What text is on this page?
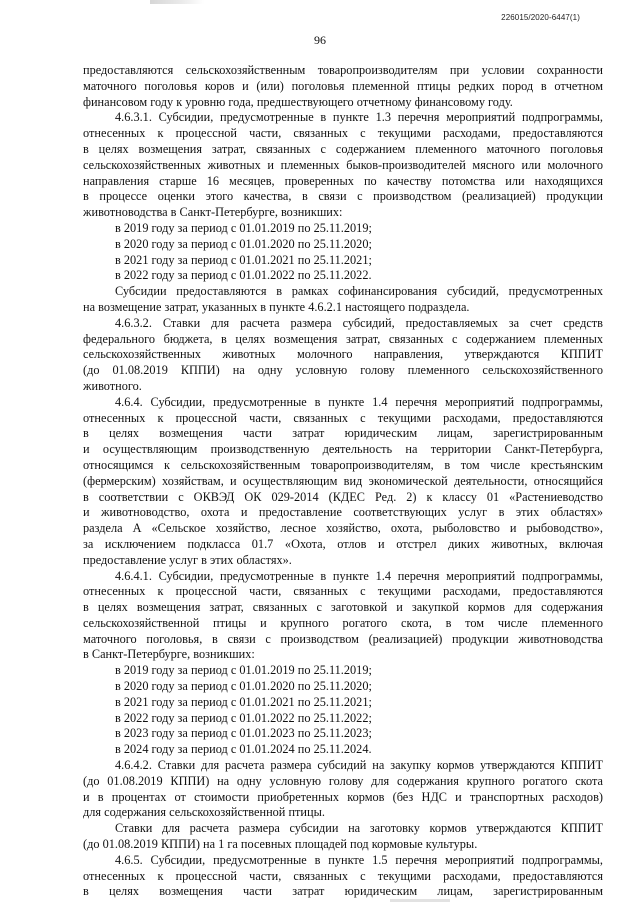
226015/2020-6447(1)
96
предоставляются сельскохозяйственным товаропроизводителям при условии сохранности
маточного поголовья коров и (или) поголовья племенной птицы редких пород в отчетном
финансовом году к уровню года, предшествующего отчетному финансовому году.
4.6.3.1. Субсидии, предусмотренные в пункте 1.3 перечня мероприятий подпрограммы,
отнесенных к процессной части, связанных с текущими расходами, предоставляются
в целях возмещения затрат, связанных с содержанием племенного маточного поголовья
сельскохозяйственных животных и племенных быков-производителей мясного или молочного
направления старше 16 месяцев, проверенных по качеству потомства или находящихся
в процессе оценки этого качества, в связи с производством (реализацией) продукции
животноводства в Санкт-Петербурге, возникших:
в 2019 году за период с 01.01.2019 по 25.11.2019;
в 2020 году за период с 01.01.2020 по 25.11.2020;
в 2021 году за период с 01.01.2021 по 25.11.2021;
в 2022 году за период с 01.01.2022 по 25.11.2022.
Субсидии предоставляются в рамках софинансирования субсидий, предусмотренных
на возмещение затрат, указанных в пункте 4.6.2.1 настоящего подраздела.
4.6.3.2. Ставки для расчета размера субсидий, предоставляемых за счет средств
федерального бюджета, в целях возмещения затрат, связанных с содержанием племенных
сельскохозяйственных животных молочного направления, утверждаются КППИТ
(до 01.08.2019 КППИ) на одну условную голову племенного сельскохозяйственного
животного.
4.6.4. Субсидии, предусмотренные в пункте 1.4 перечня мероприятий подпрограммы,
отнесенных к процессной части, связанных с текущими расходами, предоставляются
в целях возмещения части затрат юридическим лицам, зарегистрированным
и осуществляющим производственную деятельность на территории Санкт-Петербурга,
относящимся к сельскохозяйственным товаропроизводителям, в том числе крестьянским
(фермерским) хозяйствам, и осуществляющим вид экономической деятельности, относящийся
в соответствии с ОКВЭД ОК 029-2014 (КДЕС Ред. 2) к классу 01 «Растениеводство
и животноводство, охота и предоставление соответствующих услуг в этих областях»
раздела А «Сельское хозяйство, лесное хозяйство, охота, рыболовство и рыбоводство»,
за исключением подкласса 01.7 «Охота, отлов и отстрел диких животных, включая
предоставление услуг в этих областях».
4.6.4.1. Субсидии, предусмотренные в пункте 1.4 перечня мероприятий подпрограммы,
отнесенных к процессной части, связанных с текущими расходами, предоставляются
в целях возмещения затрат, связанных с заготовкой и закупкой кормов для содержания
сельскохозяйственной птицы и крупного рогатого скота, в том числе племенного
маточного поголовья, в связи с производством (реализацией) продукции животноводства
в Санкт-Петербурге, возникших:
в 2019 году за период с 01.01.2019 по 25.11.2019;
в 2020 году за период с 01.01.2020 по 25.11.2020;
в 2021 году за период с 01.01.2021 по 25.11.2021;
в 2022 году за период с 01.01.2022 по 25.11.2022;
в 2023 году за период с 01.01.2023 по 25.11.2023;
в 2024 году за период с 01.01.2024 по 25.11.2024.
4.6.4.2. Ставки для расчета размера субсидий на закупку кормов утверждаются КППИТ
(до 01.08.2019 КППИ) на одну условную голову для содержания крупного рогатого скота
и в процентах от стоимости приобретенных кормов (без НДС и транспортных расходов)
для содержания сельскохозяйственной птицы.
Ставки для расчета размера субсидии на заготовку кормов утверждаются КППИТ
(до 01.08.2019 КППИ) на 1 га посевных площадей под кормовые культуры.
4.6.5. Субсидии, предусмотренные в пункте 1.5 перечня мероприятий подпрограммы,
отнесенных к процессной части, связанных с текущими расходами, предоставляются
в целях возмещения части затрат юридическим лицам, зарегистрированным
